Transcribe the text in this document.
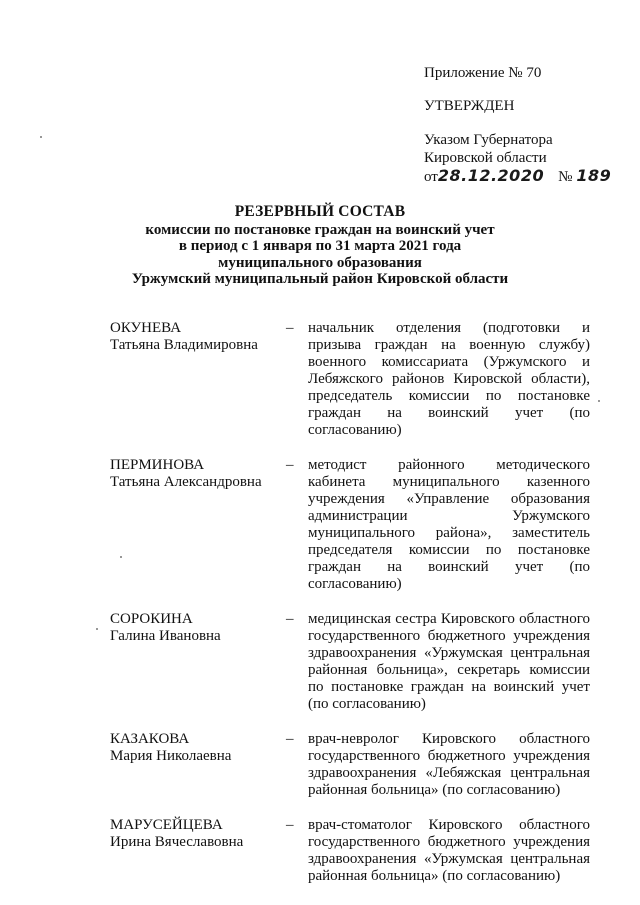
Приложение № 70
УТВЕРЖДЕН
Указом Губернатора
Кировской области
от28.12.2020 № 189
РЕЗЕРВНЫЙ СОСТАВ
комиссии по постановке граждан на воинский учет
в период с 1 января по 31 марта 2021 года
муниципального образования
Уржумский муниципальный район Кировской области
ОКУНЕВА
Татьяна Владимировна
– начальник отделения (подготовки и призыва граждан на военную службу) военного комиссариата (Уржумского и Лебяжского районов Кировской области), председатель комиссии по постановке граждан на воинский учет (по согласованию)
ПЕРМИНОВА
Татьяна Александровна
– методист районного методического кабинета муниципального казенного учреждения «Управление образования администрации Уржумского муниципального района», заместитель председателя комиссии по постановке граждан на воинский учет (по согласованию)
СОРОКИНА
Галина Ивановна
– медицинская сестра Кировского областного государственного бюджетного учреждения здравоохранения «Уржумская центральная районная больница», секретарь комиссии по постановке граждан на воинский учет (по согласованию)
КАЗАКОВА
Мария Николаевна
– врач-невролог Кировского областного государственного бюджетного учреждения здравоохранения «Лебяжская центральная районная больница» (по согласованию)
МАРУСЕЙЦЕВА
Ирина Вячеславовна
– врач-стоматолог Кировского областного государственного бюджетного учреждения здравоохранения «Уржумская центральная районная больница» (по согласованию)
